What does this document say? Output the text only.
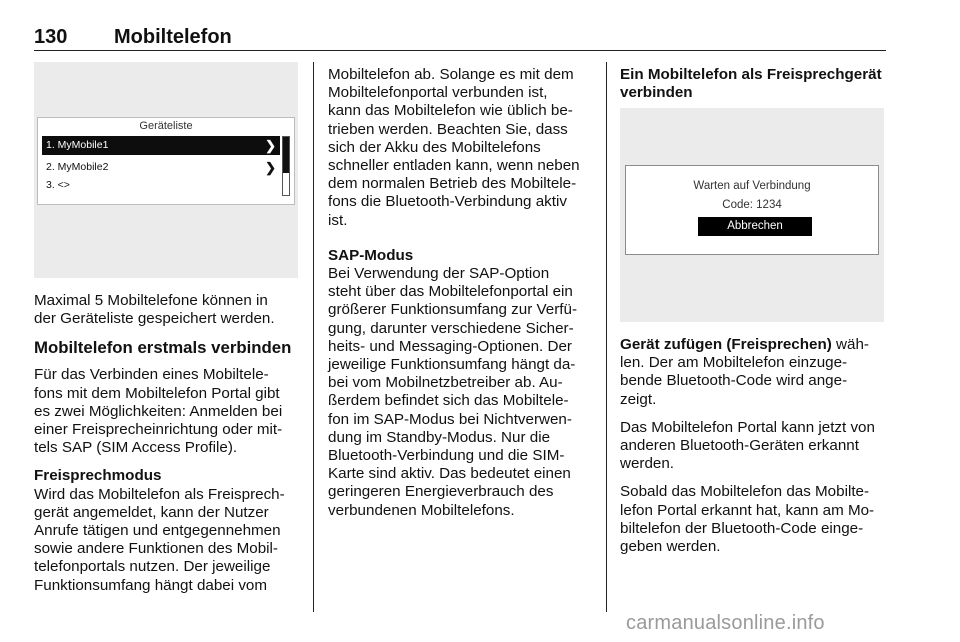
130 Mobiltelefon
Geräteliste
1. MyMobile1	❯
2. MyMobile2	❯
3. <>

Maximal 5 Mobiltelefone können in
der Geräteliste gespeichert werden.

Mobiltelefon erstmals verbinden

Für das Verbinden eines Mobiltele-
fons mit dem Mobiltelefon Portal gibt
es zwei Möglichkeiten: Anmelden bei
einer Freisprecheinrichtung oder mit-
tels SAP (SIM Access Profile).

Freisprechmodus
Wird das Mobiltelefon als Freisprech-
gerät angemeldet, kann der Nutzer
Anrufe tätigen und entgegennehmen
sowie andere Funktionen des Mobil-
telefonportals nutzen. Der jeweilige
Funktionsumfang hängt dabei vom

Mobiltelefon ab. Solange es mit dem
Mobiltelefonportal verbunden ist,
kann das Mobiltelefon wie üblich be-
trieben werden. Beachten Sie, dass
sich der Akku des Mobiltelefons
schneller entladen kann, wenn neben
dem normalen Betrieb des Mobiltele-
fons die Bluetooth-Verbindung aktiv
ist.

SAP-Modus
Bei Verwendung der SAP-Option
steht über das Mobiltelefonportal ein
größerer Funktionsumfang zur Verfü-
gung, darunter verschiedene Sicher-
heits- und Messaging-Optionen. Der
jeweilige Funktionsumfang hängt da-
bei vom Mobilnetzbetreiber ab. Au-
ßerdem befindet sich das Mobiltele-
fon im SAP-Modus bei Nichtverwen-
dung im Standby-Modus. Nur die
Bluetooth-Verbindung und die SIM-
Karte sind aktiv. Das bedeutet einen
geringeren Energieverbrauch des
verbundenen Mobiltelefons.

Ein Mobiltelefon als Freisprechgerät
verbinden
Warten auf Verbindung
Code: 1234
Abbrechen

Gerät zufügen (Freisprechen) wäh-
len. Der am Mobiltelefon einzuge-
bende Bluetooth-Code wird ange-
zeigt.

Das Mobiltelefon Portal kann jetzt von
anderen Bluetooth-Geräten erkannt
werden.

Sobald das Mobiltelefon das Mobilte-
lefon Portal erkannt hat, kann am Mo-
biltelefon der Bluetooth-Code einge-
geben werden.

carmanualsonline.info
